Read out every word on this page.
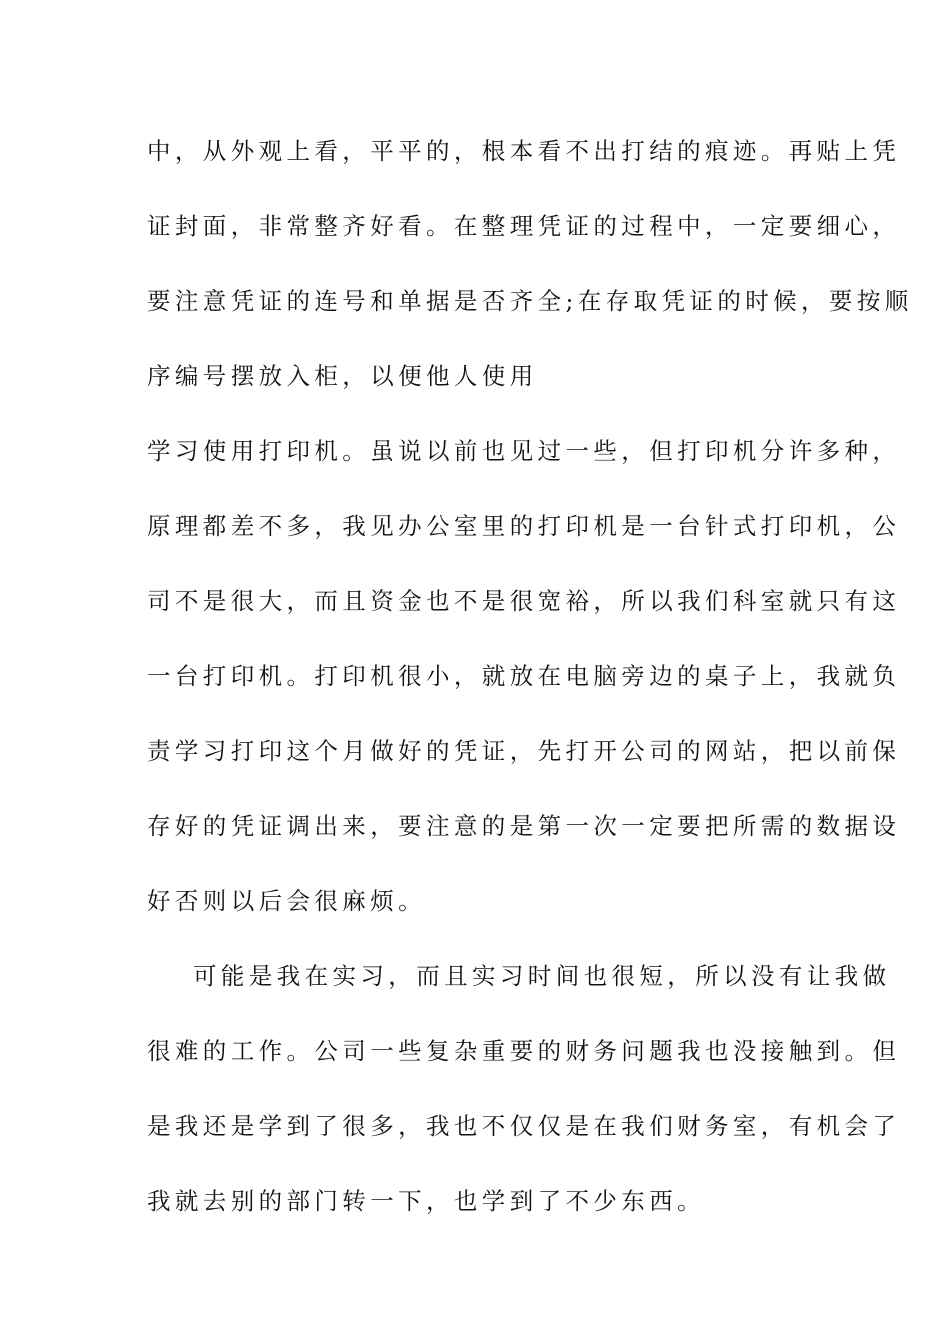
中，从外观上看，平平的，根本看不出打结的痕迹。再贴上凭
证封面，非常整齐好看。在整理凭证的过程中，一定要细心，
要注意凭证的连号和单据是否齐全;在存取凭证的时候，要按顺
序编号摆放入柜，以便他人使用
学习使用打印机。虽说以前也见过一些，但打印机分许多种，
原理都差不多，我见办公室里的打印机是一台针式打印机，公
司不是很大，而且资金也不是很宽裕，所以我们科室就只有这
一台打印机。打印机很小，就放在电脑旁边的桌子上，我就负
责学习打印这个月做好的凭证，先打开公司的网站，把以前保
存好的凭证调出来，要注意的是第一次一定要把所需的数据设
好否则以后会很麻烦。
可能是我在实习，而且实习时间也很短，所以没有让我做
很难的工作。公司一些复杂重要的财务问题我也没接触到。但
是我还是学到了很多，我也不仅仅是在我们财务室，有机会了
我就去别的部门转一下，也学到了不少东西。
